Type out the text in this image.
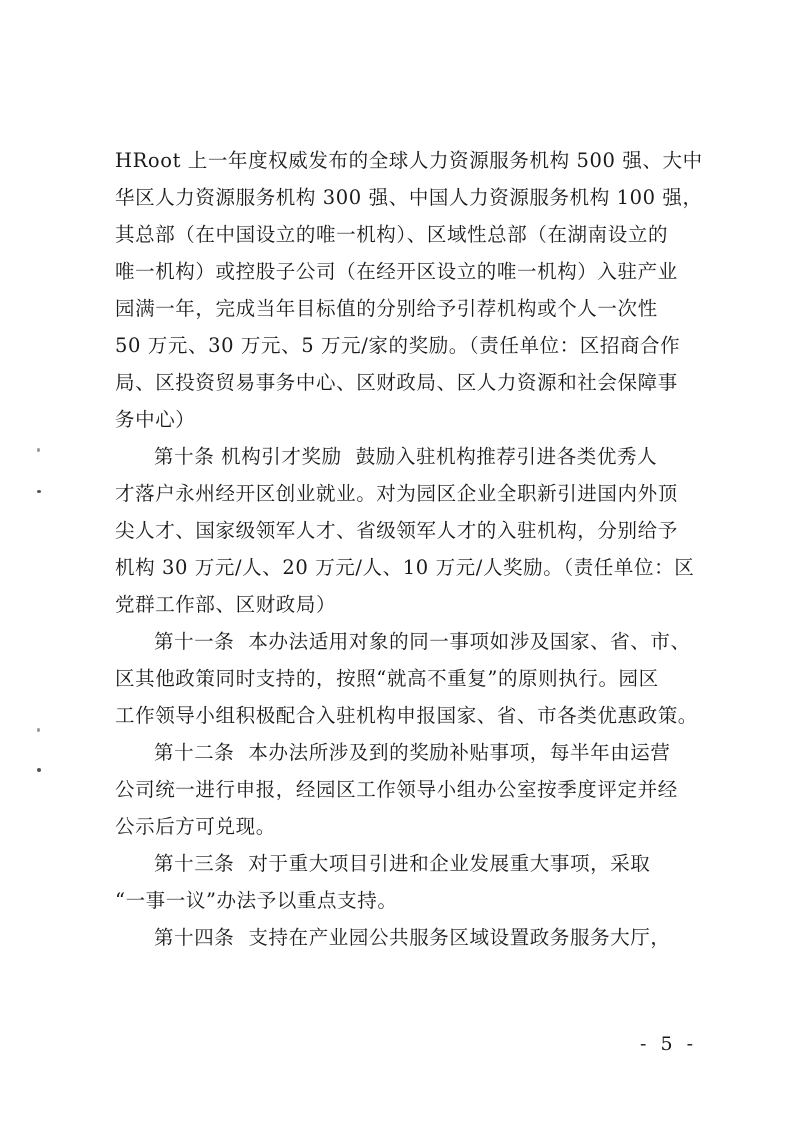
HRoot 上一年度权威发布的全球人力资源服务机构 500 强、大中
华区人力资源服务机构 300 强、中国人力资源服务机构 100 强，
其总部（在中国设立的唯一机构）、区域性总部（在湖南设立的
唯一机构）或控股子公司（在经开区设立的唯一机构）入驻产业
园满一年，完成当年目标值的分别给予引荐机构或个人一次性
50 万元、30 万元、5 万元/家的奖励。（责任单位：区招商合作
局、区投资贸易事务中心、区财政局、区人力资源和社会保障事
务中心）
第十条 机构引才奖励 鼓励入驻机构推荐引进各类优秀人
才落户永州经开区创业就业。对为园区企业全职新引进国内外顶
尖人才、国家级领军人才、省级领军人才的入驻机构，分别给予
机构 30 万元/人、20 万元/人、10 万元/人奖励。（责任单位：区
党群工作部、区财政局）
第十一条 本办法适用对象的同一事项如涉及国家、省、市、
区其他政策同时支持的，按照“就高不重复”的原则执行。园区
工作领导小组积极配合入驻机构申报国家、省、市各类优惠政策。
第十二条 本办法所涉及到的奖励补贴事项，每半年由运营
公司统一进行申报，经园区工作领导小组办公室按季度评定并经
公示后方可兑现。
第十三条 对于重大项目引进和企业发展重大事项，采取
“一事一议”办法予以重点支持。
第十四条 支持在产业园公共服务区域设置政务服务大厅，
- 5 -
